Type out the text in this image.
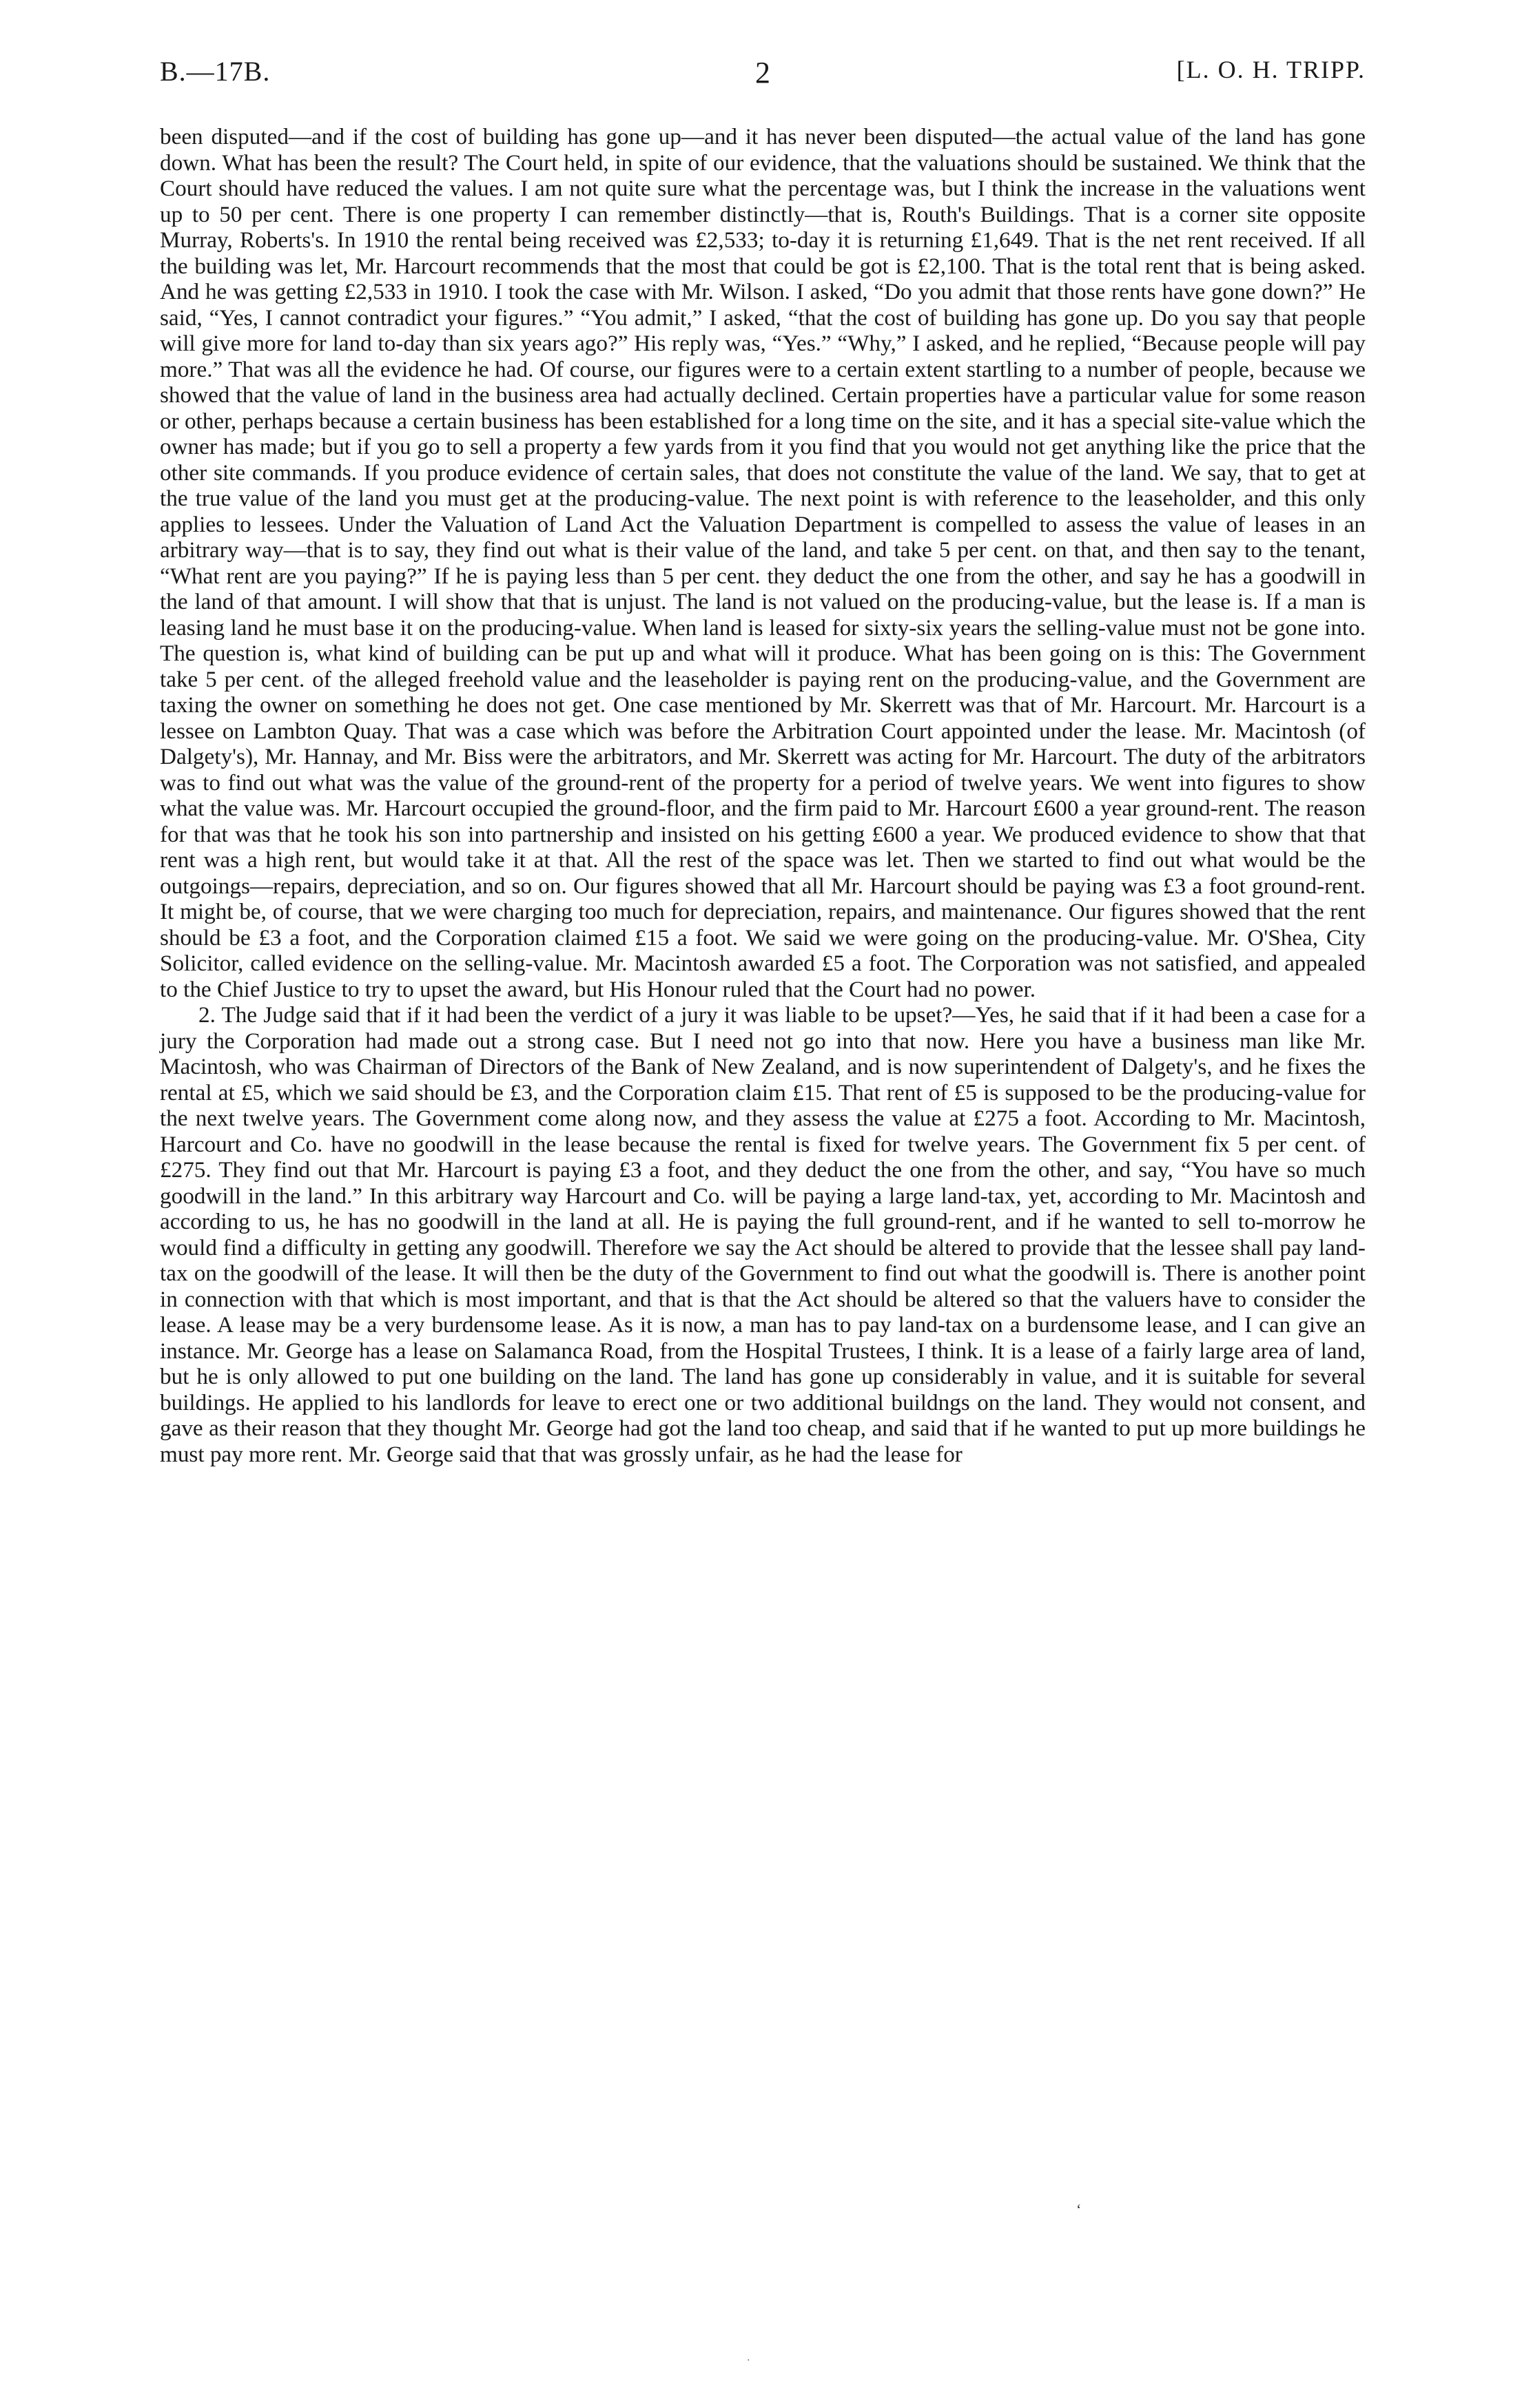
B.—17B.	2	[L. O. H. TRIPP.

been disputed—and if the cost of building has gone up—and it has never been disputed—the actual value of the land has gone down. What has been the result? The Court held, in spite of our evidence, that the valuations should be sustained. We think that the Court should have reduced the values. I am not quite sure what the percentage was, but I think the increase in the valuations went up to 50 per cent. There is one property I can remember distinctly—that is, Routh's Buildings. That is a corner site opposite Murray, Roberts's. In 1910 the rental being received was £2,533; to-day it is returning £1,649. That is the net rent received. If all the building was let, Mr. Harcourt recommends that the most that could be got is £2,100. That is the total rent that is being asked. And he was getting £2,533 in 1910. I took the case with Mr. Wilson. I asked, “Do you admit that those rents have gone down?” He said, “Yes, I cannot contradict your figures.” “You admit,” I asked, “that the cost of building has gone up. Do you say that people will give more for land to-day than six years ago?” His reply was, “Yes.” “Why,” I asked, and he replied, “Because people will pay more.” That was all the evidence he had. Of course, our figures were to a certain extent startling to a number of people, because we showed that the value of land in the business area had actually declined. Certain properties have a particular value for some reason or other, perhaps because a certain business has been established for a long time on the site, and it has a special site-value which the owner has made; but if you go to sell a property a few yards from it you find that you would not get anything like the price that the other site commands. If you produce evidence of certain sales, that does not constitute the value of the land. We say, that to get at the true value of the land you must get at the producing-value. The next point is with reference to the leaseholder, and this only applies to lessees. Under the Valuation of Land Act the Valuation Department is compelled to assess the value of leases in an arbitrary way—that is to say, they find out what is their value of the land, and take 5 per cent. on that, and then say to the tenant, “What rent are you paying?” If he is paying less than 5 per cent. they deduct the one from the other, and say he has a goodwill in the land of that amount. I will show that that is unjust. The land is not valued on the producing-value, but the lease is. If a man is leasing land he must base it on the producing-value. When land is leased for sixty-six years the selling-value must not be gone into. The question is, what kind of building can be put up and what will it produce. What has been going on is this: The Government take 5 per cent. of the alleged freehold value and the leaseholder is paying rent on the producing-value, and the Government are taxing the owner on something he does not get. One case mentioned by Mr. Skerrett was that of Mr. Harcourt. Mr. Harcourt is a lessee on Lambton Quay. That was a case which was before the Arbitration Court appointed under the lease. Mr. Macintosh (of Dalgety's), Mr. Hannay, and Mr. Biss were the arbitrators, and Mr. Skerrett was acting for Mr. Harcourt. The duty of the arbitrators was to find out what was the value of the ground-rent of the property for a period of twelve years. We went into figures to show what the value was. Mr. Harcourt occupied the ground-floor, and the firm paid to Mr. Harcourt £600 a year ground-rent. The reason for that was that he took his son into partnership and insisted on his getting £600 a year. We produced evidence to show that that rent was a high rent, but would take it at that. All the rest of the space was let. Then we started to find out what would be the outgoings—repairs, depreciation, and so on. Our figures showed that all Mr. Harcourt should be paying was £3 a foot ground-rent. It might be, of course, that we were charging too much for depreciation, repairs, and maintenance. Our figures showed that the rent should be £3 a foot, and the Corporation claimed £15 a foot. We said we were going on the producing-value. Mr. O'Shea, City Solicitor, called evidence on the selling-value. Mr. Macintosh awarded £5 a foot. The Corporation was not satisfied, and appealed to the Chief Justice to try to upset the award, but His Honour ruled that the Court had no power.

2. The Judge said that if it had been the verdict of a jury it was liable to be upset?—Yes, he said that if it had been a case for a jury the Corporation had made out a strong case. But I need not go into that now. Here you have a business man like Mr. Macintosh, who was Chairman of Directors of the Bank of New Zealand, and is now superintendent of Dalgety's, and he fixes the rental at £5, which we said should be £3, and the Corporation claim £15. That rent of £5 is supposed to be the producing-value for the next twelve years. The Government come along now, and they assess the value at £275 a foot. According to Mr. Macintosh, Harcourt and Co. have no goodwill in the lease because the rental is fixed for twelve years. The Government fix 5 per cent. of £275. They find out that Mr. Harcourt is paying £3 a foot, and they deduct the one from the other, and say, “You have so much goodwill in the land.” In this arbitrary way Harcourt and Co. will be paying a large land-tax, yet, according to Mr. Macintosh and according to us, he has no goodwill in the land at all. He is paying the full ground-rent, and if he wanted to sell to-morrow he would find a difficulty in getting any goodwill. Therefore we say the Act should be altered to provide that the lessee shall pay land-tax on the goodwill of the lease. It will then be the duty of the Government to find out what the goodwill is. There is another point in connection with that which is most important, and that is that the Act should be altered so that the valuers have to consider the lease. A lease may be a very burdensome lease. As it is now, a man has to pay land-tax on a burdensome lease, and I can give an instance. Mr. George has a lease on Salamanca Road, from the Hospital Trustees, I think. It is a lease of a fairly large area of land, but he is only allowed to put one building on the land. The land has gone up considerably in value, and it is suitable for several buildings. He applied to his landlords for leave to erect one or two additional buildngs on the land. They would not consent, and gave as their reason that they thought Mr. George had got the land too cheap, and said that if he wanted to put up more buildings he must pay more rent. Mr. George said that that was grossly unfair, as he had the lease for

‘
·
